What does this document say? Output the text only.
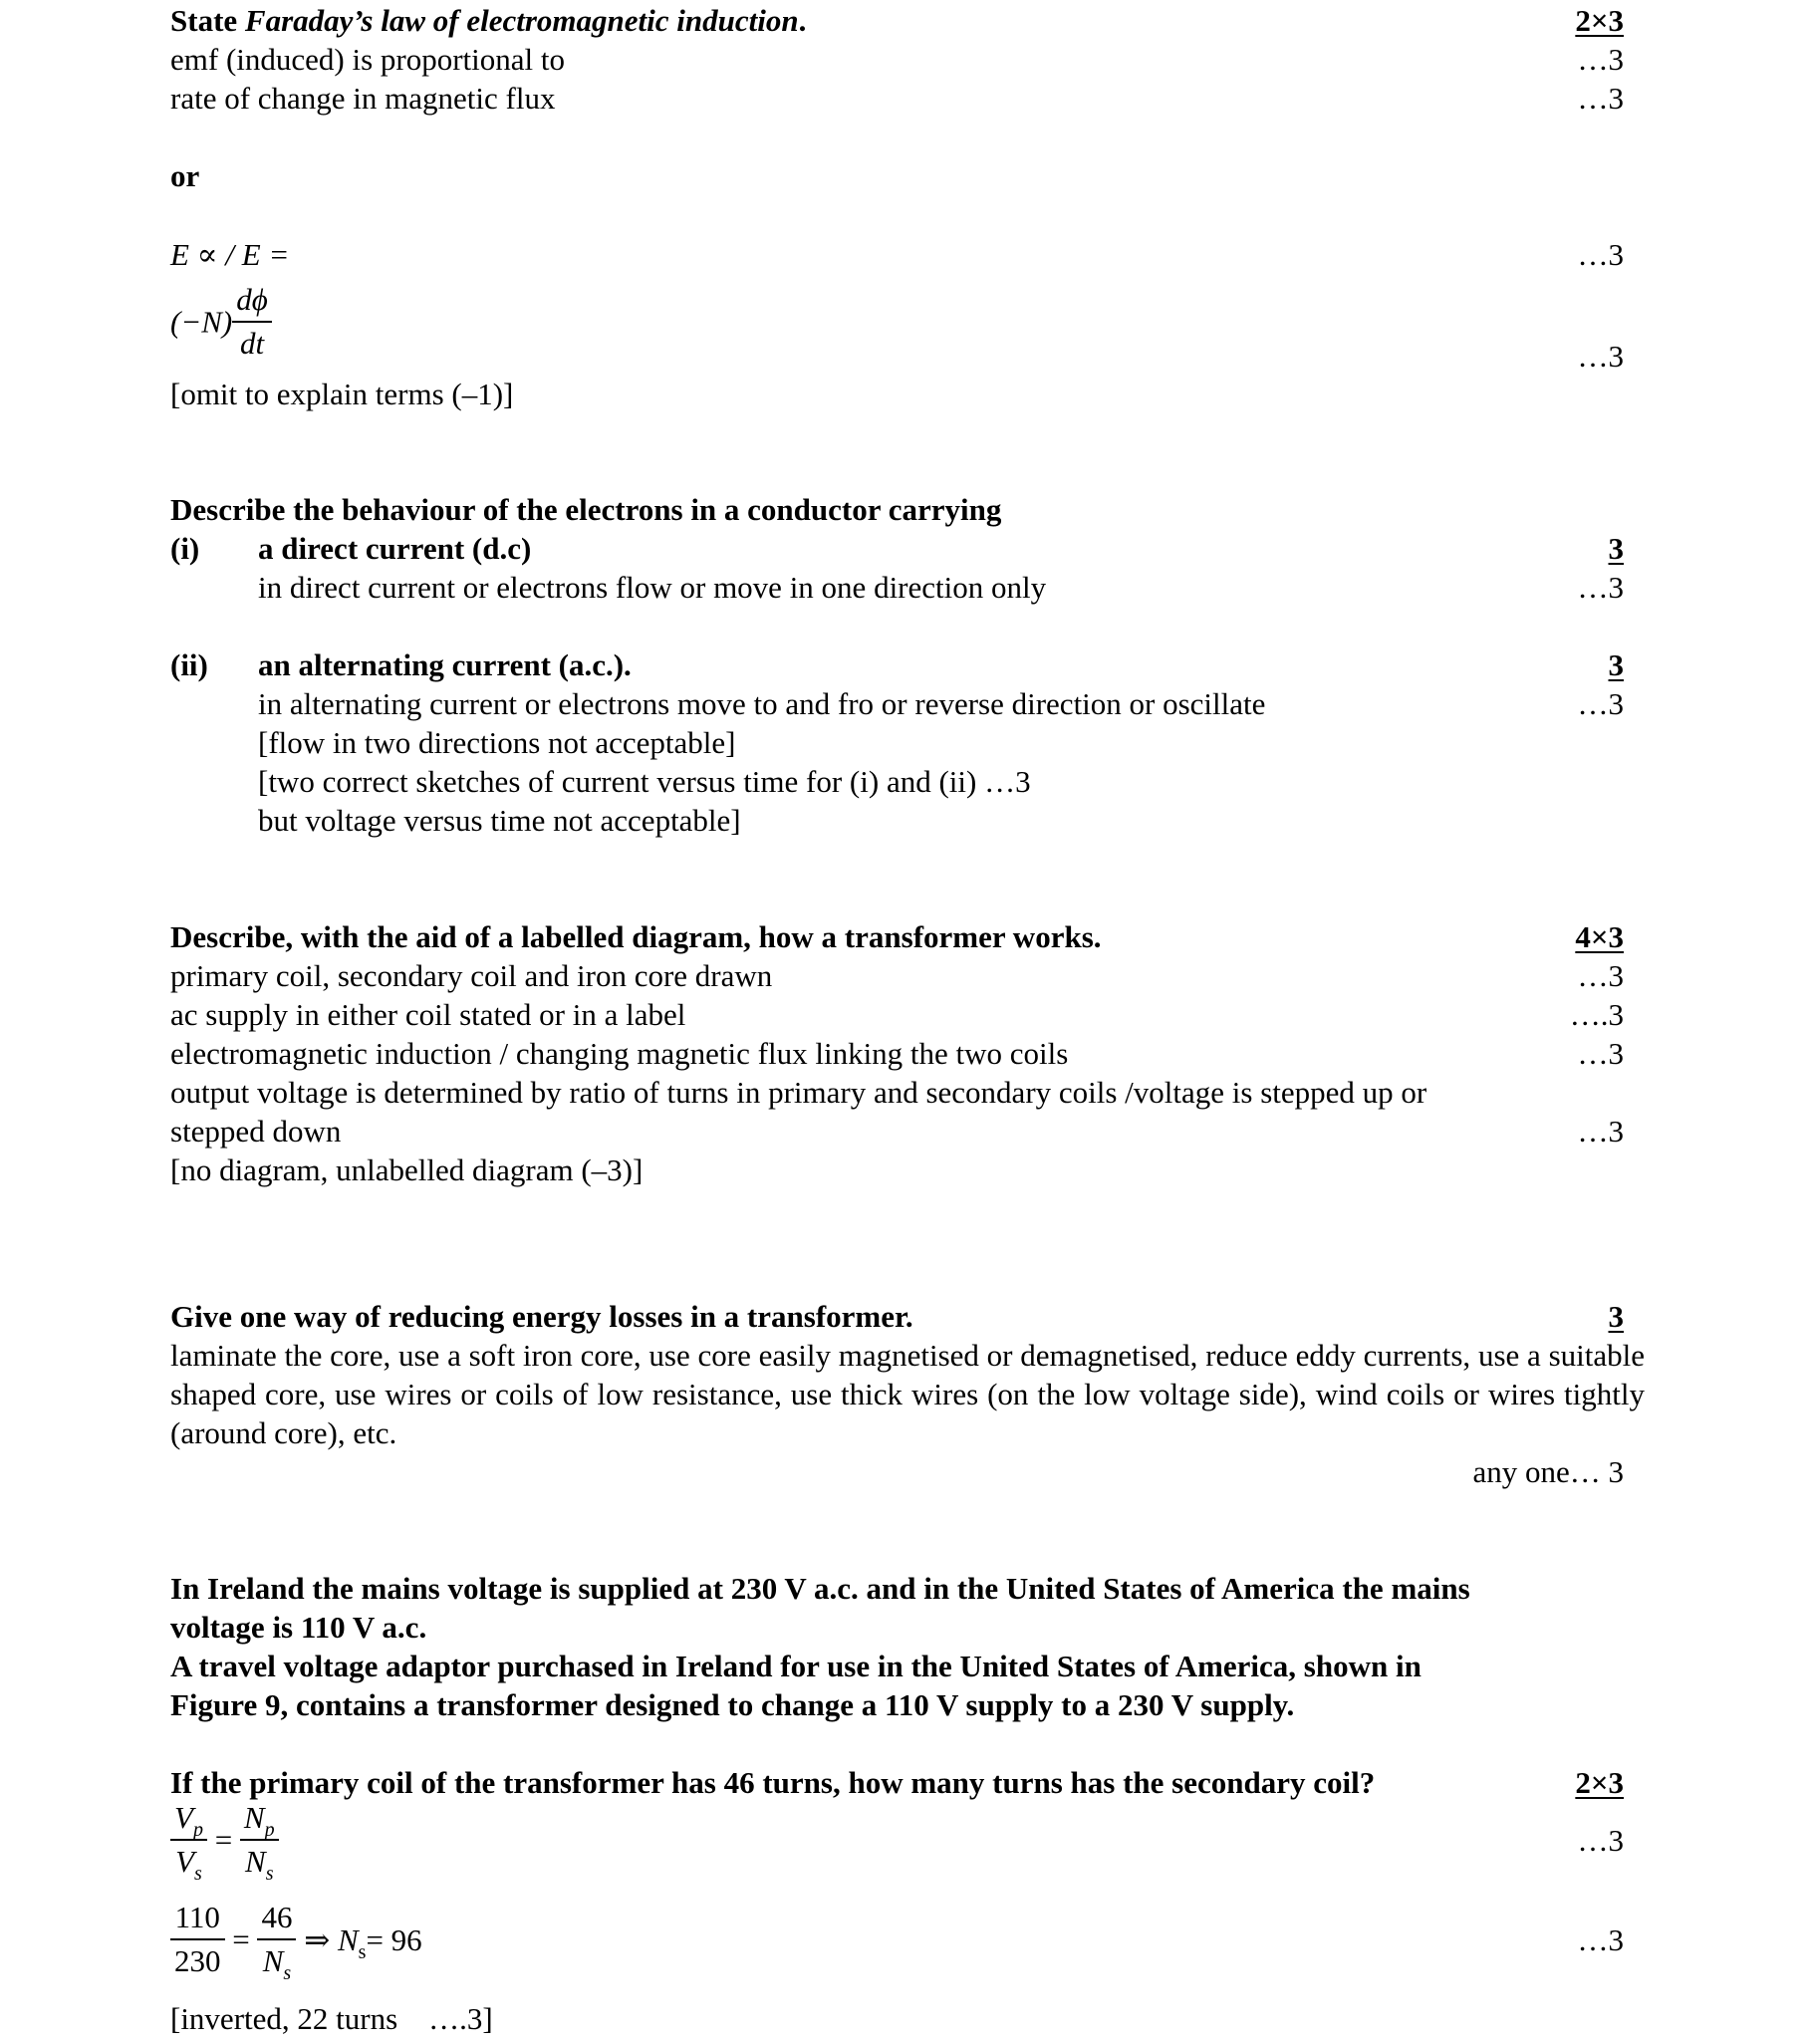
State Faraday’s law of electromagnetic induction.	2×3
emf (induced) is proportional to	…3
rate of change in magnetic flux	…3
or
E ∝ / E =	…3
$(-N) \frac{d\phi}{dt}$	…3
[omit to explain terms (–1)]
Describe the behaviour of the electrons in a conductor carrying
(i) a direct current (d.c)	3
in direct current or electrons flow or move in one direction only	…3
(ii) an alternating current (a.c.).	3
in alternating current or electrons move to and fro or reverse direction or oscillate	…3
[flow in two directions not acceptable]
[two correct sketches of current versus time for (i) and (ii) …3
but voltage versus time not acceptable]
Describe, with the aid of a labelled diagram, how a transformer works.	4×3
primary coil, secondary coil and iron core drawn	…3
ac supply in either coil stated or in a label	….3
electromagnetic induction / changing magnetic flux linking the two coils	…3
output voltage is determined by ratio of turns in primary and secondary coils /voltage is stepped up or
stepped down	…3
[no diagram, unlabelled diagram (–3)]
Give one way of reducing energy losses in a transformer.	3
laminate the core, use a soft iron core, use core easily magnetised or demagnetised, reduce eddy currents, use a suitable shaped core, use wires or coils of low resistance, use thick wires (on the low voltage side), wind coils or wires tightly (around core), etc.
any one… 3
In Ireland the mains voltage is supplied at 230 V a.c. and in the United States of America the mains
voltage is 110 V a.c.
A travel voltage adaptor purchased in Ireland for use in the United States of America, shown in
Figure 9, contains a transformer designed to change a 110 V supply to a 230 V supply.
If the primary coil of the transformer has 46 turns, how many turns has the secondary coil?	2×3
$\frac{V_p}{V_s} = \frac{N_p}{N_s}$	…3
$\frac{110}{230} = \frac{46}{N_s}$ ⇒ $N_s= 96$	…3
[inverted, 22 turns    ….3]
